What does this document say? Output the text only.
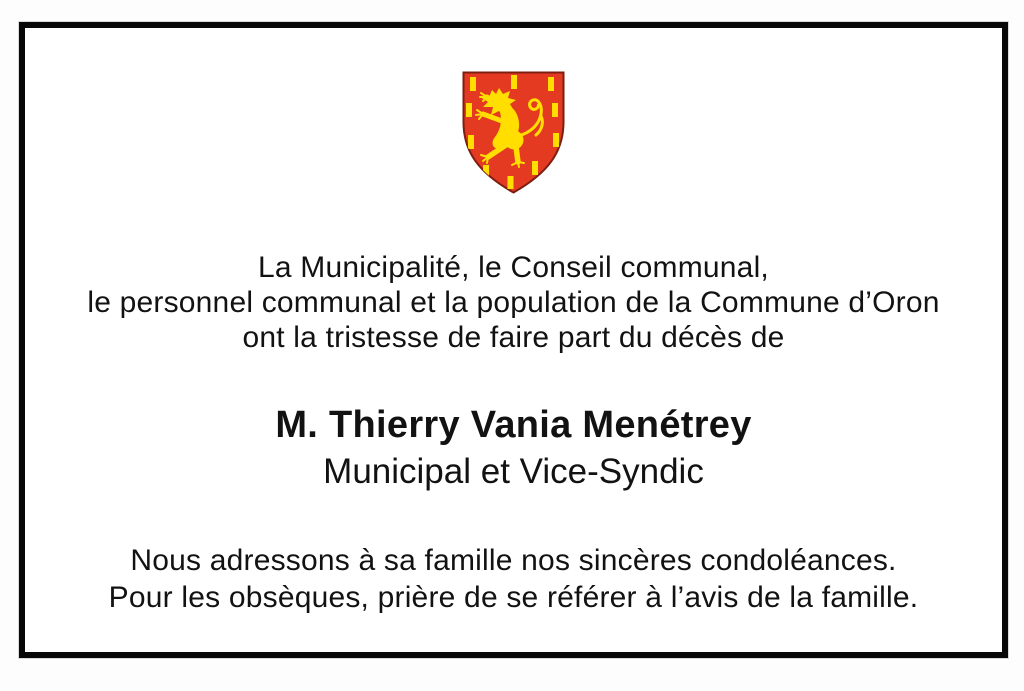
La Municipalité, le Conseil communal,
le personnel communal et la population de la Commune d’Oron
ont la tristesse de faire part du décès de
M. Thierry Vania Menétrey
Municipal et Vice-Syndic
Nous adressons à sa famille nos sincères condoléances.
Pour les obsèques, prière de se référer à l’avis de la famille.
